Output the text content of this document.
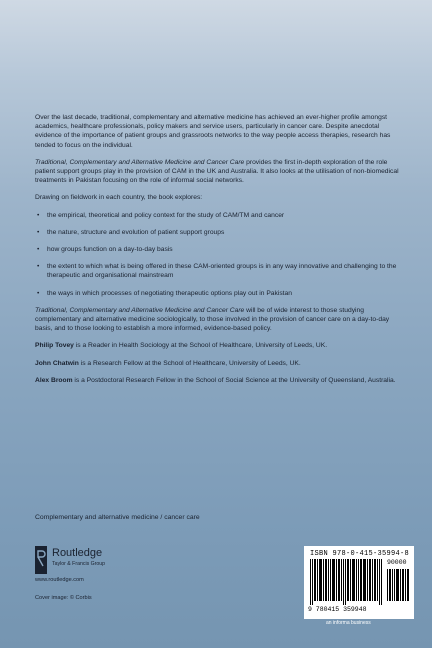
Over the last decade, traditional, complementary and alternative medicine has achieved an ever-higher profile amongst academics, healthcare professionals, policy makers and service users, particularly in cancer care. Despite anecdotal evidence of the importance of patient groups and grassroots networks to the way people access therapies, research has tended to focus on the individual.

Traditional, Complementary and Alternative Medicine and Cancer Care provides the first in-depth exploration of the role patient support groups play in the provision of CAM in the UK and Australia. It also looks at the utilisation of non-biomedical treatments in Pakistan focusing on the role of informal social networks.

Drawing on fieldwork in each country, the book explores:

• the empirical, theoretical and policy context for the study of CAM/TM and cancer
• the nature, structure and evolution of patient support groups
• how groups function on a day-to-day basis
• the extent to which what is being offered in these CAM-oriented groups is in any way innovative and challenging to the therapeutic and organisational mainstream
• the ways in which processes of negotiating therapeutic options play out in Pakistan

Traditional, Complementary and Alternative Medicine and Cancer Care will be of wide interest to those studying complementary and alternative medicine sociologically, to those involved in the provision of cancer care on a day-to-day basis, and to those looking to establish a more informed, evidence-based policy.

Philip Tovey is a Reader in Health Sociology at the School of Healthcare, University of Leeds, UK.

John Chatwin is a Research Fellow at the School of Healthcare, University of Leeds, UK.

Alex Broom is a Postdoctoral Research Fellow in the School of Social Science at the University of Queensland, Australia.

Complementary and alternative medicine / cancer care
Routledge
Taylor & Francis Group
www.routledge.com
Cover image: © Corbis
ISBN 978-0-415-35994-8
90000
9 780415 359948
an informa business
